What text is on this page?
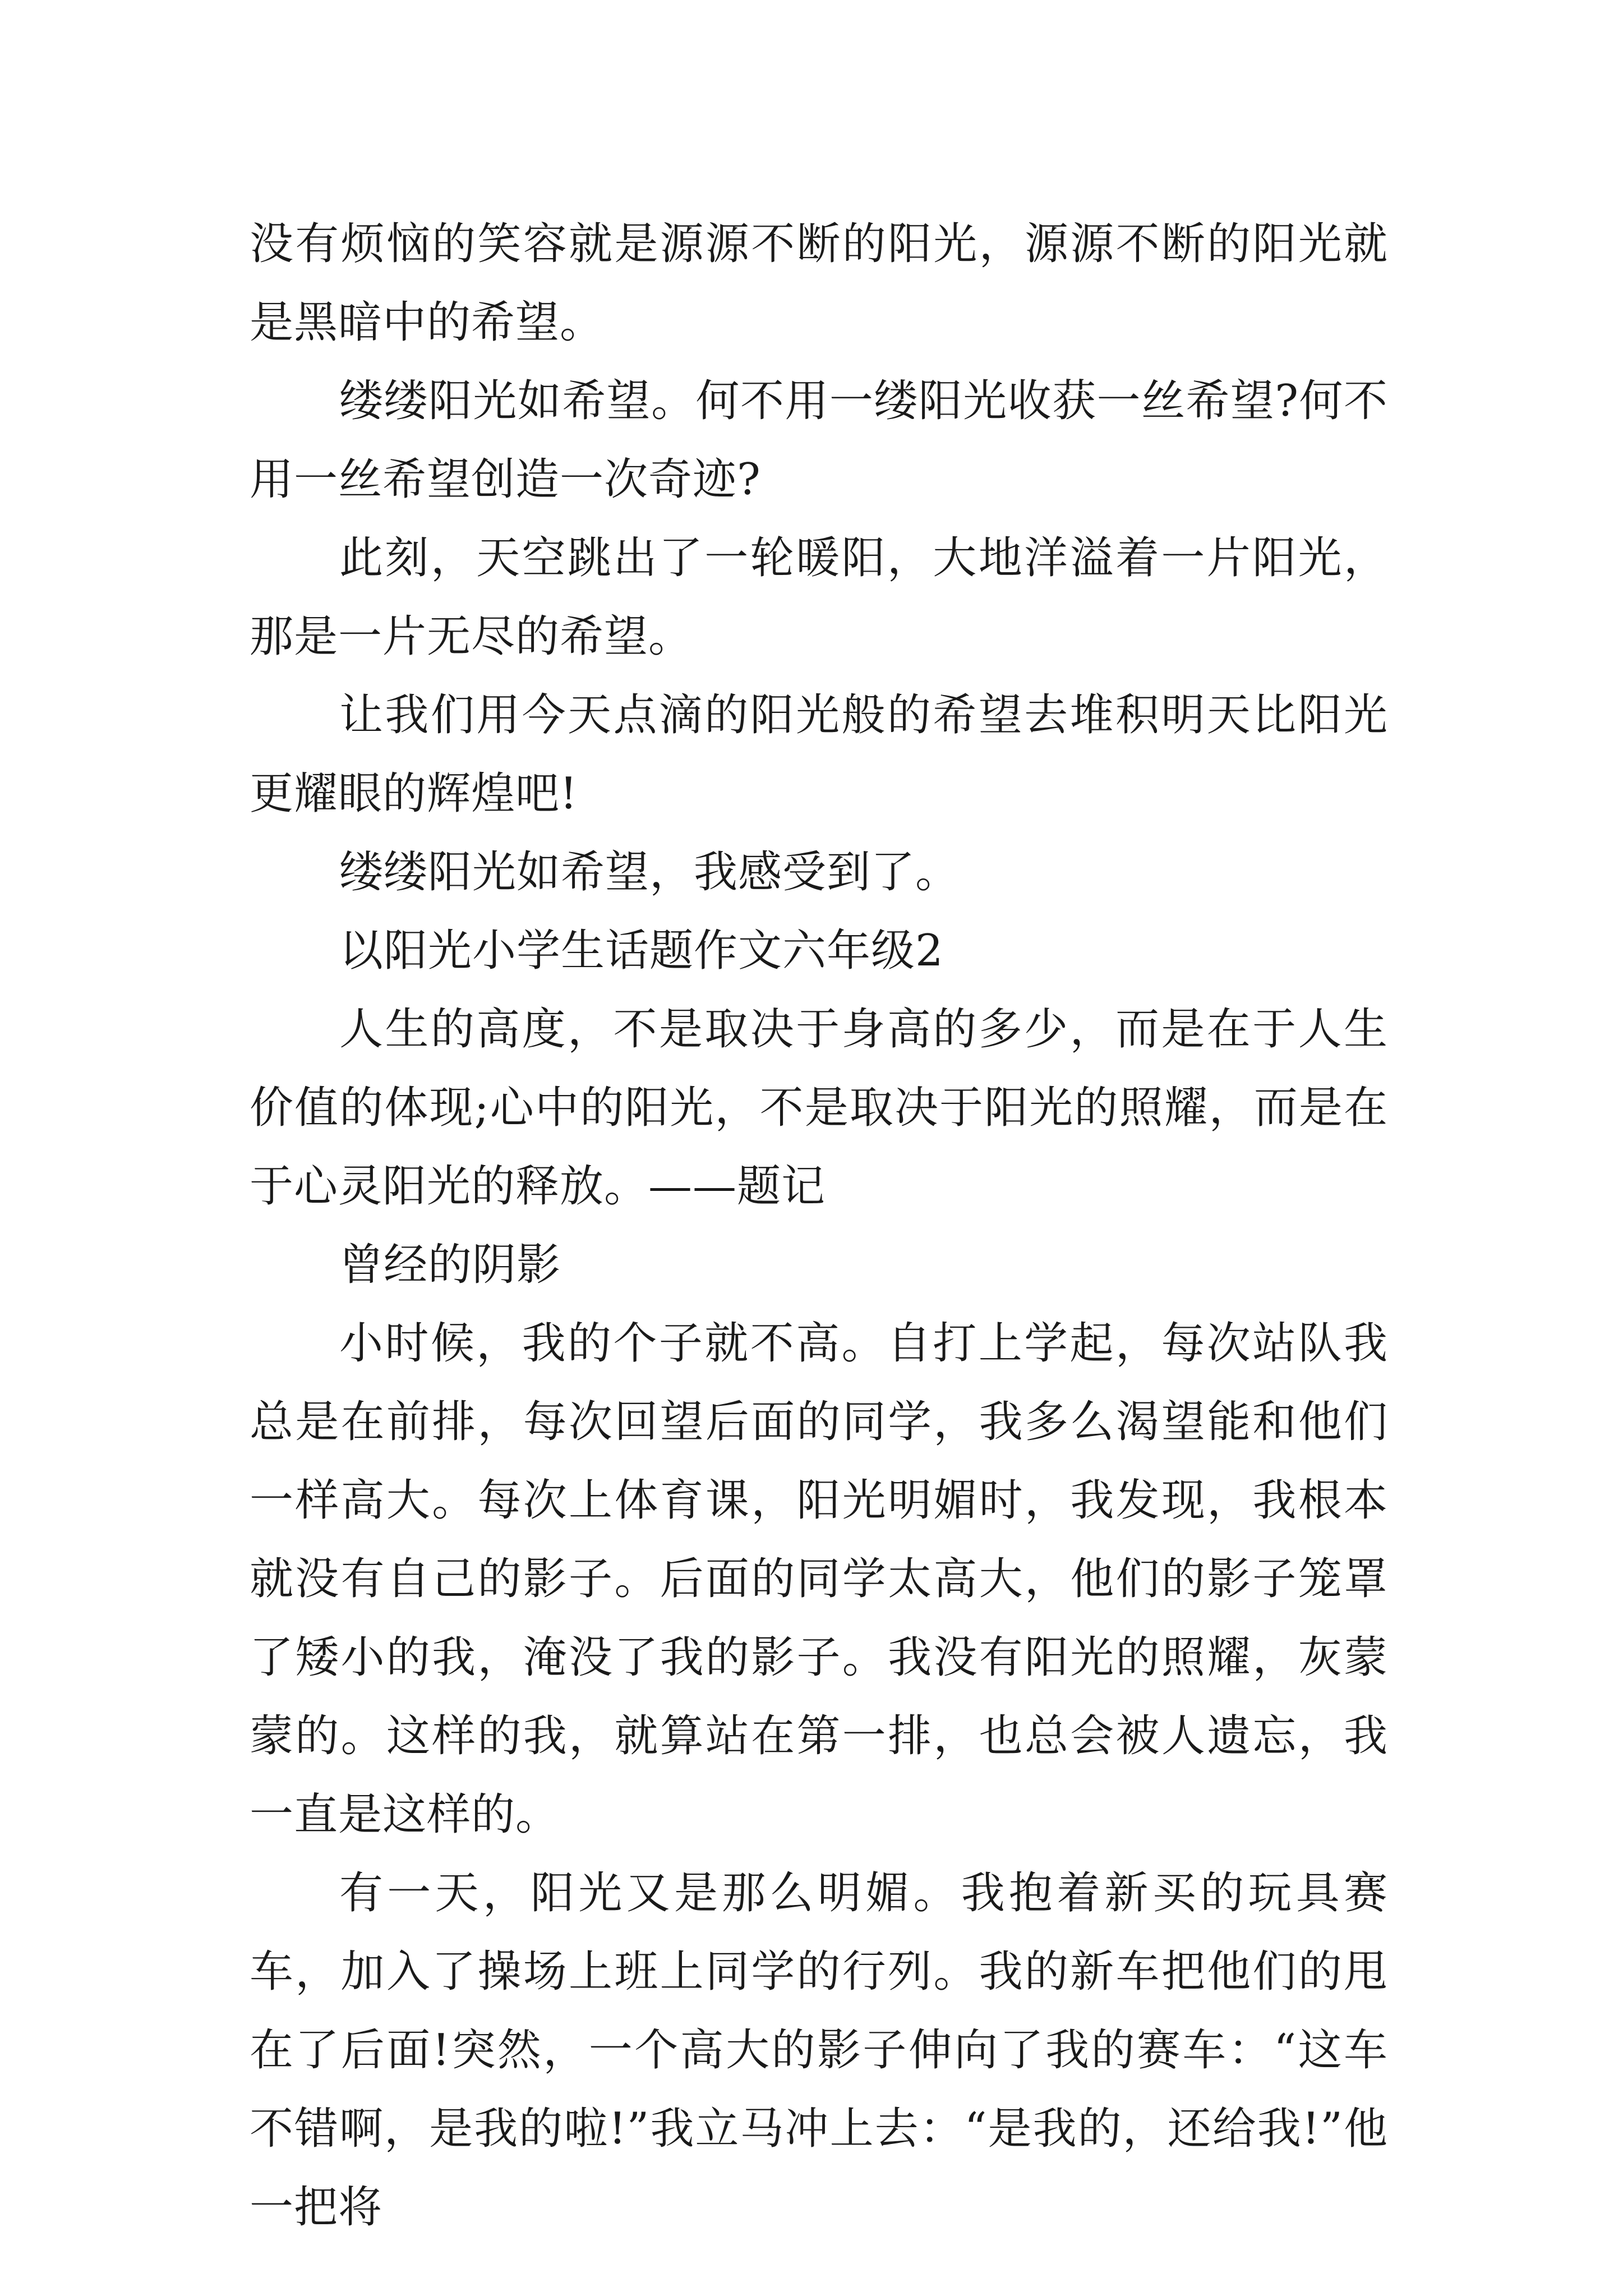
没有烦恼的笑容就是源源不断的阳光，源源不断的阳光就是黑暗中的希望。

缕缕阳光如希望。何不用一缕阳光收获一丝希望?何不用一丝希望创造一次奇迹?

此刻，天空跳出了一轮暖阳，大地洋溢着一片阳光，那是一片无尽的希望。

让我们用今天点滴的阳光般的希望去堆积明天比阳光更耀眼的辉煌吧!

缕缕阳光如希望，我感受到了。

以阳光小学生话题作文六年级2

人生的高度，不是取决于身高的多少，而是在于人生价值的体现;心中的阳光，不是取决于阳光的照耀，而是在于心灵阳光的释放。——题记

曾经的阴影

小时候，我的个子就不高。自打上学起，每次站队我总是在前排，每次回望后面的同学，我多么渴望能和他们一样高大。每次上体育课，阳光明媚时，我发现，我根本就没有自己的影子。后面的同学太高大，他们的影子笼罩了矮小的我，淹没了我的影子。我没有阳光的照耀，灰蒙蒙的。这样的我，就算站在第一排，也总会被人遗忘，我一直是这样的。

有一天，阳光又是那么明媚。我抱着新买的玩具赛车，加入了操场上班上同学的行列。我的新车把他们的甩在了后面!突然，一个高大的影子伸向了我的赛车：“这车不错啊，是我的啦!”我立马冲上去：“是我的，还给我!”他一把将
